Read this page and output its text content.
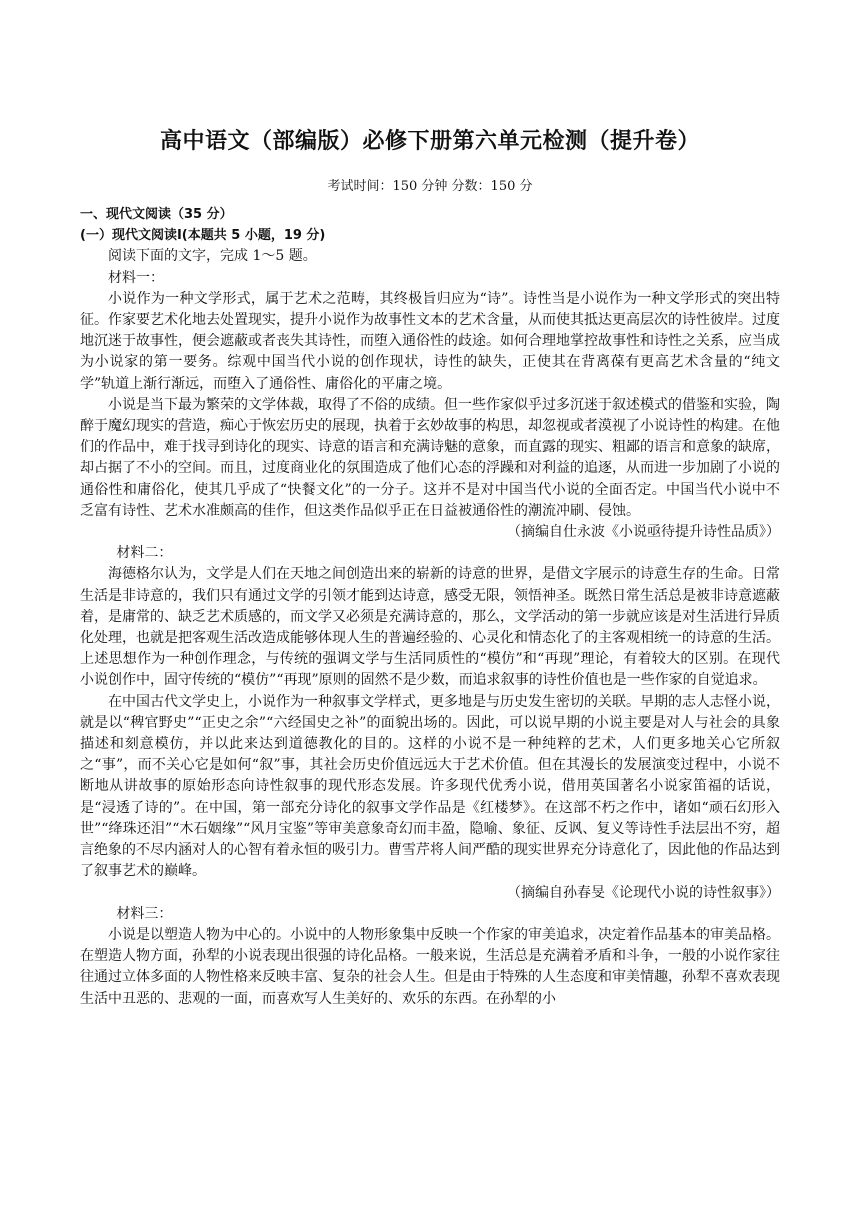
高中语文（部编版）必修下册第六单元检测（提升卷）
考试时间：150 分钟 分数：150 分

一、现代文阅读（35 分）

(一）现代文阅读Ⅰ(本题共 5 小题，19 分)

阅读下面的文字，完成 1～5 题。

材料一：

小说作为一种文学形式，属于艺术之范畴，其终极旨归应为“诗”。诗性当是小说作为一种文学形式的突出特征。作家要艺术化地去处置现实，提升小说作为故事性文本的艺术含量，从而使其抵达更高层次的诗性彼岸。过度地沉迷于故事性，便会遮蔽或者丧失其诗性，而堕入通俗性的歧途。如何合理地掌控故事性和诗性之关系，应当成为小说家的第一要务。综观中国当代小说的创作现状，诗性的缺失，正使其在背离葆有更高艺术含量的“纯文学”轨道上渐行渐远，而堕入了通俗性、庸俗化的平庸之境。

小说是当下最为繁荣的文学体裁，取得了不俗的成绩。但一些作家似乎过多沉迷于叙述模式的借鉴和实验，陶醉于魔幻现实的营造，痴心于恢宏历史的展现，执着于玄妙故事的构思，却忽视或者漠视了小说诗性的构建。在他们的作品中，难于找寻到诗化的现实、诗意的语言和充满诗魅的意象，而直露的现实、粗鄙的语言和意象的缺席，却占据了不小的空间。而且，过度商业化的氛围造成了他们心态的浮躁和对利益的追逐，从而进一步加剧了小说的通俗性和庸俗化，使其几乎成了“快餐文化”的一分子。这并不是对中国当代小说的全面否定。中国当代小说中不乏富有诗性、艺术水准颇高的佳作，但这类作品似乎正在日益被通俗性的潮流冲刷、侵蚀。

（摘编自仕永波《小说亟待提升诗性品质》）

材料二：

海德格尔认为，文学是人们在天地之间创造出来的崭新的诗意的世界，是借文字展示的诗意生存的生命。日常生活是非诗意的，我们只有通过文学的引领才能到达诗意，感受无限，领悟神圣。既然日常生活总是被非诗意遮蔽着，是庸常的、缺乏艺术质感的，而文学又必须是充满诗意的，那么，文学活动的第一步就应该是对生活进行异质化处理，也就是把客观生活改造成能够体现人生的普遍经验的、心灵化和情态化了的主客观相统一的诗意的生活。上述思想作为一种创作理念，与传统的强调文学与生活同质性的“模仿”和“再现”理论，有着较大的区别。在现代小说创作中，固守传统的“模仿”“再现”原则的固然不是少数，而追求叙事的诗性价值也是一些作家的自觉追求。

在中国古代文学史上，小说作为一种叙事文学样式，更多地是与历史发生密切的关联。早期的志人志怪小说，就是以“稗官野史”“正史之余”“六经国史之补”的面貌出场的。因此，可以说早期的小说主要是对人与社会的具象描述和刻意模仿，并以此来达到道德教化的目的。这样的小说不是一种纯粹的艺术，人们更多地关心它所叙之“事”，而不关心它是如何“叙”事，其社会历史价值远远大于艺术价值。但在其漫长的发展演变过程中，小说不断地从讲故事的原始形态向诗性叙事的现代形态发展。许多现代优秀小说，借用英国著名小说家笛福的话说，是“浸透了诗的”。在中国，第一部充分诗化的叙事文学作品是《红楼梦》。在这部不朽之作中，诸如“顽石幻形入世”“绛珠还泪”“木石姻缘”“风月宝鉴”等审美意象奇幻而丰盈，隐喻、象征、反讽、复义等诗性手法层出不穷，超言绝象的不尽内涵对人的心智有着永恒的吸引力。曹雪芹将人间严酷的现实世界充分诗意化了，因此他的作品达到了叙事艺术的巅峰。

（摘编自孙春旻《论现代小说的诗性叙事》）

材料三：

小说是以塑造人物为中心的。小说中的人物形象集中反映一个作家的审美追求，决定着作品基本的审美品格。在塑造人物方面，孙犁的小说表现出很强的诗化品格。一般来说，生活总是充满着矛盾和斗争，一般的小说作家往往通过立体多面的人物性格来反映丰富、复杂的社会人生。但是由于特殊的人生态度和审美情趣，孙犁不喜欢表现生活中丑恶的、悲观的一面，而喜欢写人生美好的、欢乐的东西。在孙犁的小
